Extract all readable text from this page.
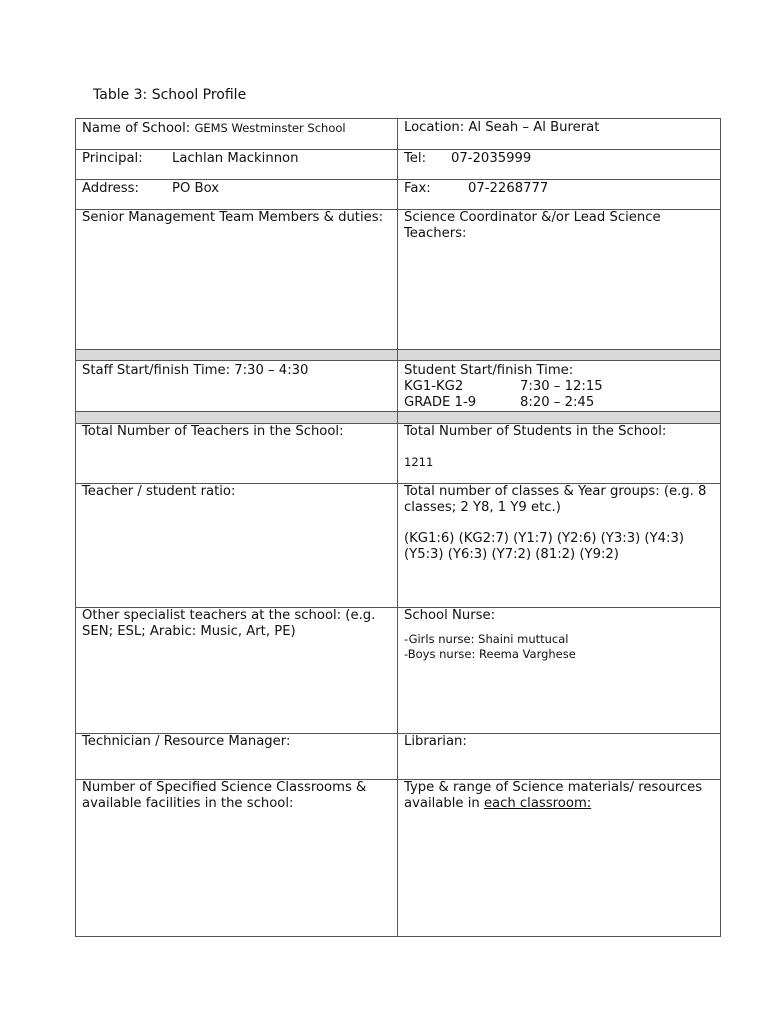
Table 3: School Profile
Name of School: GEMS Westminster School	Location: Al Seah – Al Burerat
Principal: Lachlan Mackinnon	Tel: 07-2035999
Address: PO Box	Fax: 07-2268777
Senior Management Team Members & duties:	Science Coordinator &/or Lead Science Teachers:

Staff Start/finish Time: 7:30 – 4:30	Student Start/finish Time:
KG1-KG2 7:30 – 12:15
GRADE 1-9 8:20 – 2:45

Total Number of Teachers in the School:	Total Number of Students in the School:
1211

Teacher / student ratio:	Total number of classes & Year groups: (e.g. 8 classes; 2 Y8, 1 Y9 etc.)
(KG1:6) (KG2:7) (Y1:7) (Y2:6) (Y3:3) (Y4:3) (Y5:3) (Y6:3) (Y7:2) (81:2) (Y9:2)

Other specialist teachers at the school: (e.g. SEN; ESL; Arabic: Music, Art, PE)	School Nurse:
-Girls nurse: Shaini muttucal
-Boys nurse: Reema Varghese

Technician / Resource Manager:	Librarian:
Number of Specified Science Classrooms & available facilities in the school:	Type & range of Science materials/ resources available in each classroom:
